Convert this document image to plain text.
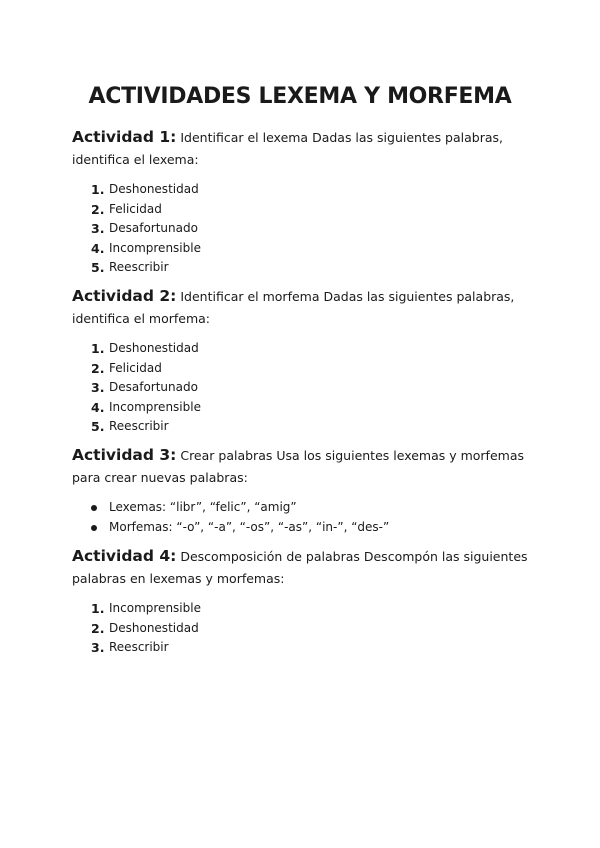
ACTIVIDADES LEXEMA Y MORFEMA

Actividad 1: Identificar el lexema Dadas las siguientes palabras, identifica el lexema:

1. Deshonestidad
2. Felicidad
3. Desafortunado
4. Incomprensible
5. Reescribir

Actividad 2: Identificar el morfema Dadas las siguientes palabras, identifica el morfema:

1. Deshonestidad
2. Felicidad
3. Desafortunado
4. Incomprensible
5. Reescribir

Actividad 3: Crear palabras Usa los siguientes lexemas y morfemas para crear nuevas palabras:

Lexemas: “libr”, “felic”, “amig”
Morfemas: “-o”, “-a”, “-os”, “-as”, “in-”, “des-”

Actividad 4: Descomposición de palabras Descompón las siguientes palabras en lexemas y morfemas:

1. Incomprensible
2. Deshonestidad
3. Reescribir
